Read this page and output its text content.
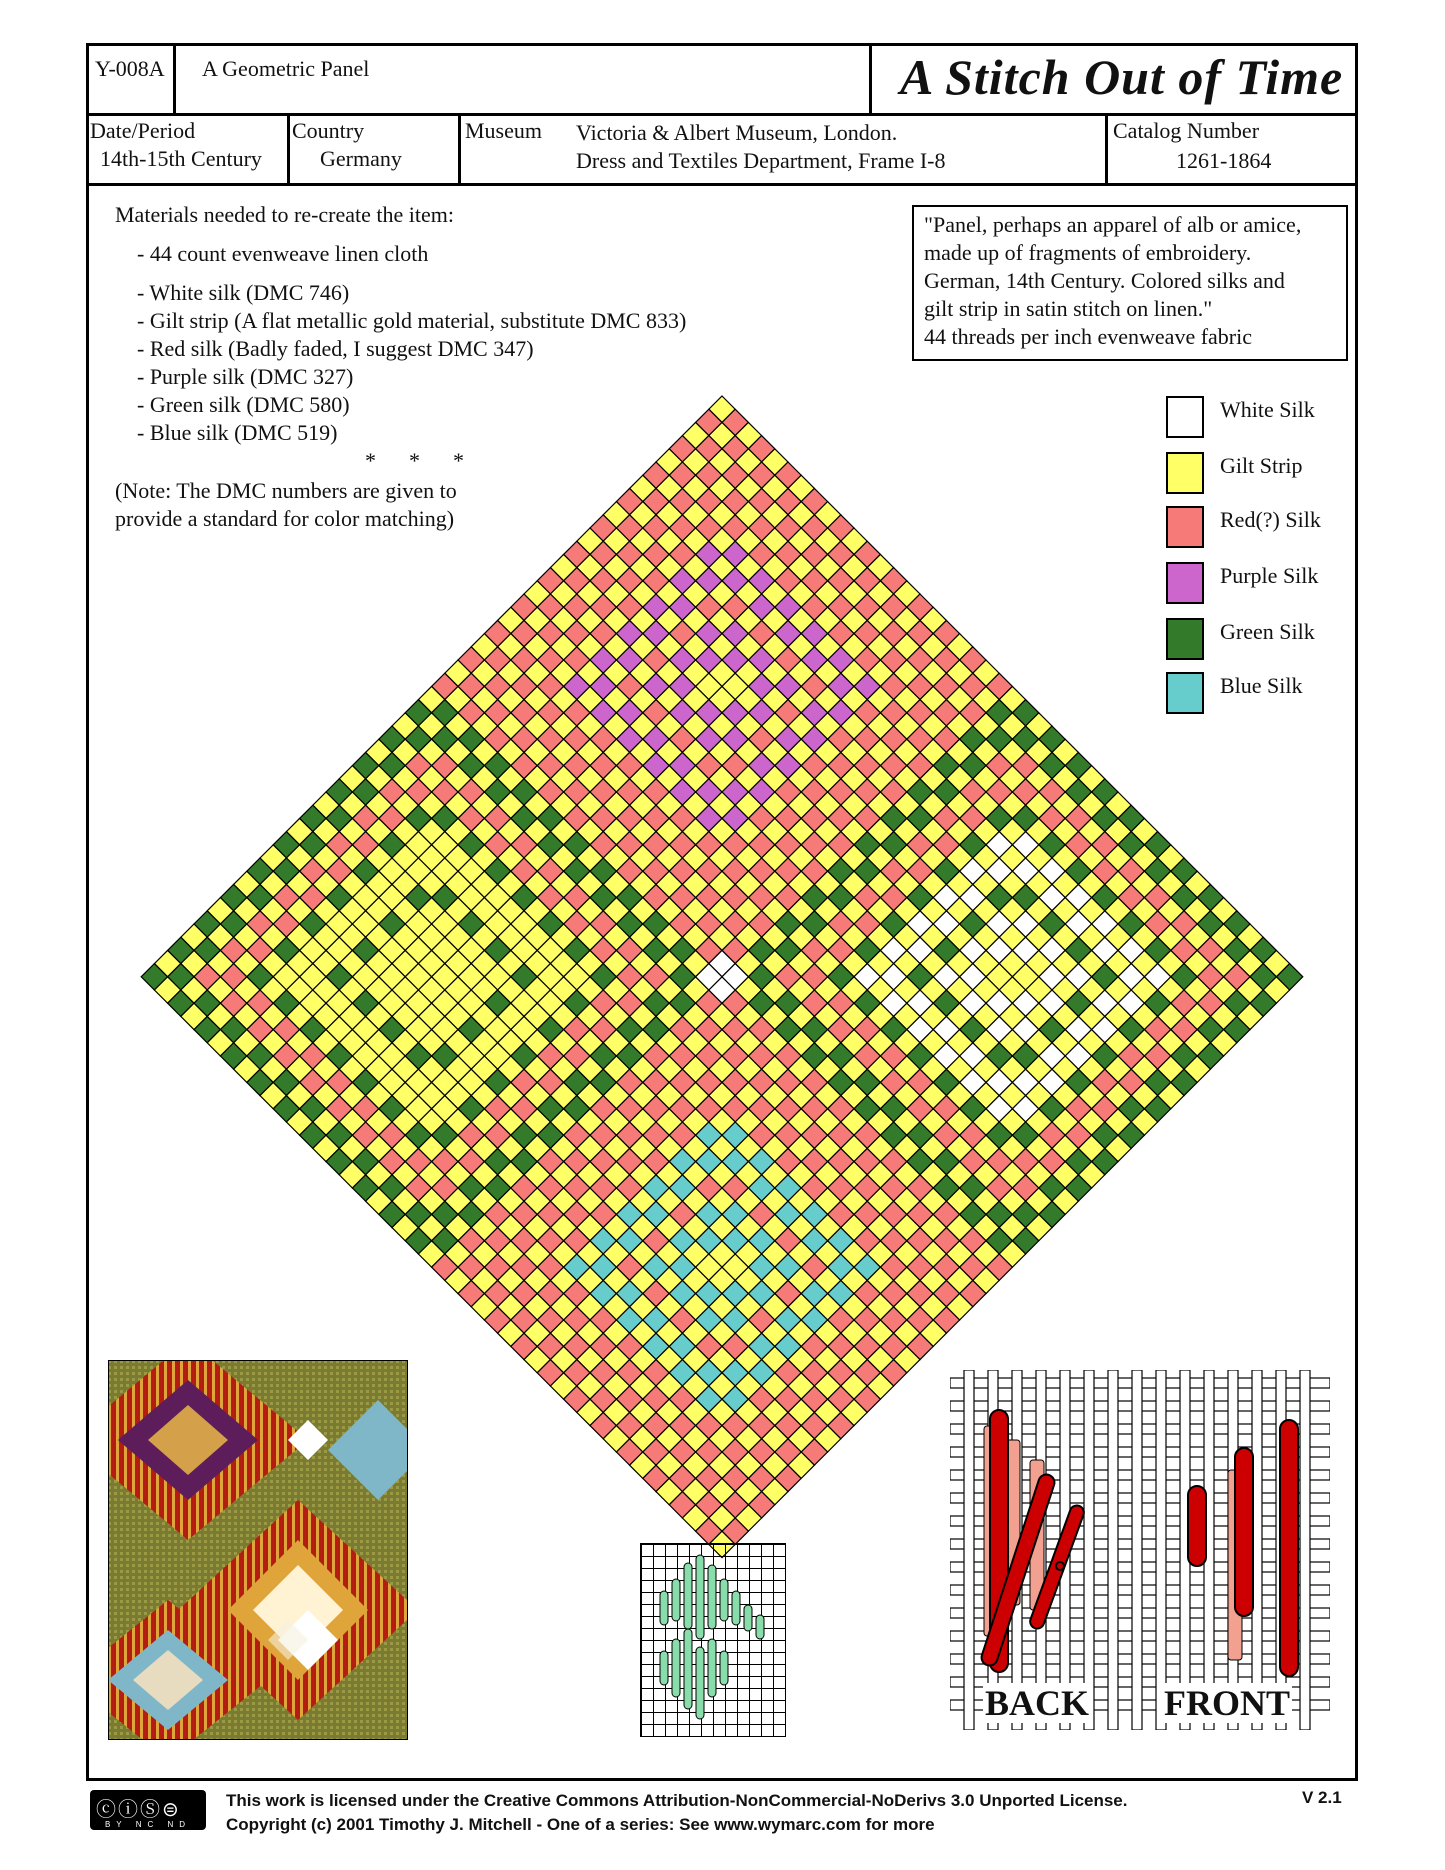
Y-008A A Geometric Panel	A Stitch Out of Time
Date/Period
14th-15th Century
Country
Germany
Museum Victoria & Albert Museum, London.
Dress and Textiles Department, Frame I-8
Catalog Number
1261-1864
Materials needed to re-create the item:
- 44 count evenweave linen cloth
- White silk (DMC 746)
- Gilt strip (A flat metallic gold material, substitute DMC 833)
- Red silk (Badly faded, I suggest DMC 347)
- Purple silk (DMC 327)
- Green silk (DMC 580)
- Blue silk (DMC 519)
*      *      *
(Note: The DMC numbers are given to
provide a standard for color matching)
"Panel, perhaps an apparel of alb or amice,
made up of fragments of embroidery.
German, 14th Century. Colored silks and
gilt strip in satin stitch on linen."
44 threads per inch evenweave fabric
White Silk
Gilt Strip
Red(?) Silk
Purple Silk
Green Silk
Blue Silk
BACK FRONT
ⓒⓘⓈ⊜
BY NC ND
This work is licensed under the Creative Commons Attribution-NonCommercial-NoDerivs 3.0 Unported License.
Copyright (c) 2001 Timothy J. Mitchell - One of a series: See www.wymarc.com for more
V 2.1
